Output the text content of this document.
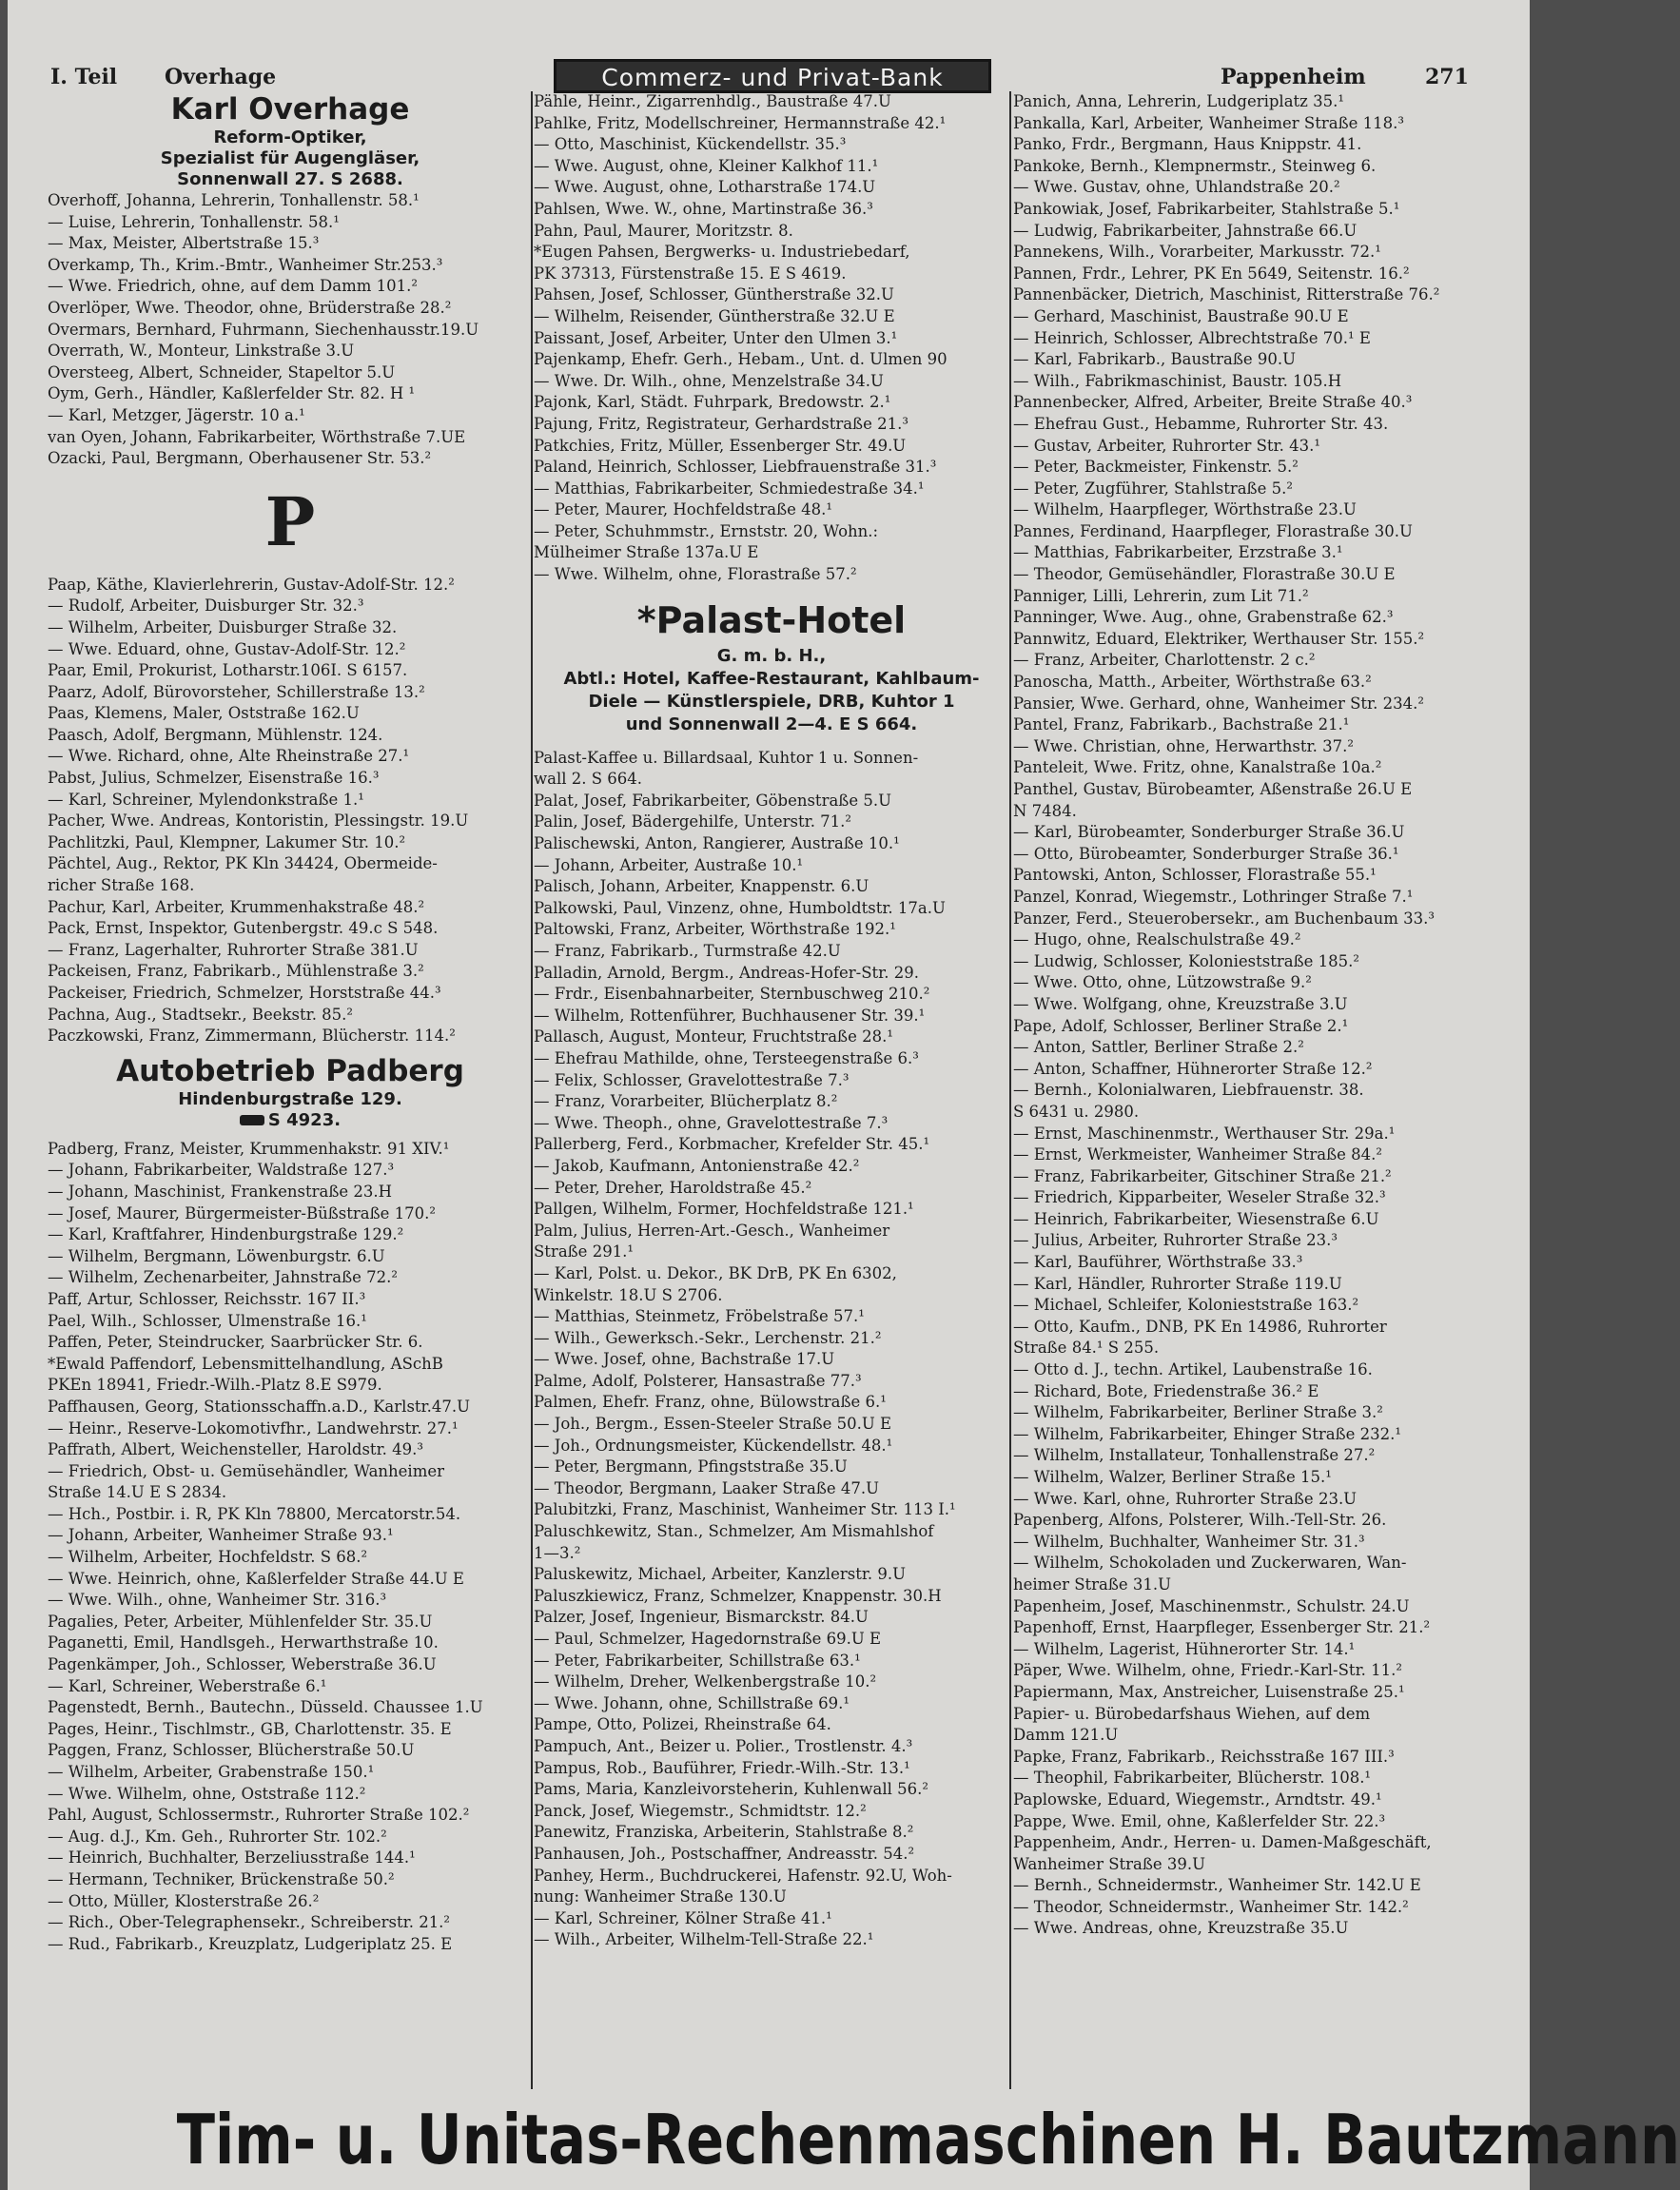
I. Teil Overhage	Commerz- und Privat-Bank	Pappenheim	271
Karl Overhage
Reform-Optiker,
Spezialist für Augengläser,
Sonnenwall 27. S 2688.
Overhoff, Johanna, Lehrerin, Tonhallenstr. 58.¹
— Luise, Lehrerin, Tonhallenstr. 58.¹
— Max, Meister, Albertstraße 15.³
Overkamp, Th., Krim.-Bmtr., Wanheimer Str.253.³
— Wwe. Friedrich, ohne, auf dem Damm 101.²
Overlöper, Wwe. Theodor, ohne, Brüderstraße 28.²
Overmars, Bernhard, Fuhrmann, Siechenhausstr.19.U
Overrath, W., Monteur, Linkstraße 3.U
Oversteeg, Albert, Schneider, Stapeltor 5.U
Oym, Gerh., Händler, Kaßlerfelder Str. 82. H ¹
— Karl, Metzger, Jägerstr. 10 a.¹
van Oyen, Johann, Fabrikarbeiter, Wörthstraße 7.UE
Ozacki, Paul, Bergmann, Oberhausener Str. 53.²
P
Paap, Käthe, Klavierlehrerin, Gustav-Adolf-Str. 12.²
— Rudolf, Arbeiter, Duisburger Str. 32.³
— Wilhelm, Arbeiter, Duisburger Straße 32.
— Wwe. Eduard, ohne, Gustav-Adolf-Str. 12.²
Paar, Emil, Prokurist, Lotharstr.106I. S 6157.
Paarz, Adolf, Bürovorsteher, Schillerstraße 13.²
Paas, Klemens, Maler, Oststraße 162.U
Paasch, Adolf, Bergmann, Mühlenstr. 124.
— Wwe. Richard, ohne, Alte Rheinstraße 27.¹
Pabst, Julius, Schmelzer, Eisenstraße 16.³
— Karl, Schreiner, Mylendonkstraße 1.¹
Pacher, Wwe. Andreas, Kontoristin, Plessingstr. 19.U
Pachlitzki, Paul, Klempner, Lakumer Str. 10.²
Pächtel, Aug., Rektor, PK Kln 34424, Obermeide-
richer Straße 168.
Pachur, Karl, Arbeiter, Krummenhakstraße 48.²
Pack, Ernst, Inspektor, Gutenbergstr. 49.c S 548.
— Franz, Lagerhalter, Ruhrorter Straße 381.U
Packeisen, Franz, Fabrikarb., Mühlenstraße 3.²
Packeiser, Friedrich, Schmelzer, Horststraße 44.³
Pachna, Aug., Stadtsekr., Beekstr. 85.²
Paczkowski, Franz, Zimmermann, Blücherstr. 114.²
Autobetrieb Padberg
Hindenburgstraße 129.
S 4923.
Padberg, Franz, Meister, Krummenhakstr. 91 XIV.¹
— Johann, Fabrikarbeiter, Waldstraße 127.³
— Johann, Maschinist, Frankenstraße 23.H
— Josef, Maurer, Bürgermeister-Büßstraße 170.²
— Karl, Kraftfahrer, Hindenburgstraße 129.²
— Wilhelm, Bergmann, Löwenburgstr. 6.U
— Wilhelm, Zechenarbeiter, Jahnstraße 72.²
Paff, Artur, Schlosser, Reichsstr. 167 II.³
Pael, Wilh., Schlosser, Ulmenstraße 16.¹
Paffen, Peter, Steindrucker, Saarbrücker Str. 6.
*Ewald Paffendorf, Lebensmittelhandlung, ASchB
PKEn 18941, Friedr.-Wilh.-Platz 8.E S979.
Paffhausen, Georg, Stationsschaffn.a.D., Karlstr.47.U
— Heinr., Reserve-Lokomotivfhr., Landwehrstr. 27.¹
Paffrath, Albert, Weichensteller, Haroldstr. 49.³
— Friedrich, Obst- u. Gemüsehändler, Wanheimer
Straße 14.U E S 2834.
— Hch., Postbir. i. R, PK Kln 78800, Mercatorstr.54.
— Johann, Arbeiter, Wanheimer Straße 93.¹
— Wilhelm, Arbeiter, Hochfeldstr. S 68.²
— Wwe. Heinrich, ohne, Kaßlerfelder Straße 44.U E
— Wwe. Wilh., ohne, Wanheimer Str. 316.³
Pagalies, Peter, Arbeiter, Mühlenfelder Str. 35.U
Paganetti, Emil, Handlsgeh., Herwarthstraße 10.
Pagenkämper, Joh., Schlosser, Weberstraße 36.U
— Karl, Schreiner, Weberstraße 6.¹
Pagenstedt, Bernh., Bautechn., Düsseld. Chaussee 1.U
Pages, Heinr., Tischlmstr., GB, Charlottenstr. 35. E
Paggen, Franz, Schlosser, Blücherstraße 50.U
— Wilhelm, Arbeiter, Grabenstraße 150.¹
— Wwe. Wilhelm, ohne, Oststraße 112.²
Pahl, August, Schlossermstr., Ruhrorter Straße 102.²
— Aug. d.J., Km. Geh., Ruhrorter Str. 102.²
— Heinrich, Buchhalter, Berzeliusstraße 144.¹
— Hermann, Techniker, Brückenstraße 50.²
— Otto, Müller, Klosterstraße 26.²
— Rich., Ober-Telegraphensekr., Schreiberstr. 21.²
— Rud., Fabrikarb., Kreuzplatz, Ludgeriplatz 25. E
Pähle, Heinr., Zigarrenhdlg., Baustraße 47.U
Pahlke, Fritz, Modellschreiner, Hermannstraße 42.¹
— Otto, Maschinist, Kückendellstr. 35.³
— Wwe. August, ohne, Kleiner Kalkhof 11.¹
— Wwe. August, ohne, Lotharstraße 174.U
Pahlsen, Wwe. W., ohne, Martinstraße 36.³
Pahn, Paul, Maurer, Moritzstr. 8.
*Eugen Pahsen, Bergwerks- u. Industriebedarf,
PK 37313, Fürstenstraße 15. E S 4619.
Pahsen, Josef, Schlosser, Güntherstraße 32.U
— Wilhelm, Reisender, Güntherstraße 32.U E
Paissant, Josef, Arbeiter, Unter den Ulmen 3.¹
Pajenkamp, Ehefr. Gerh., Hebam., Unt. d. Ulmen 90
— Wwe. Dr. Wilh., ohne, Menzelstraße 34.U
Pajonk, Karl, Städt. Fuhrpark, Bredowstr. 2.¹
Pajung, Fritz, Registrateur, Gerhardstraße 21.³
Patkchies, Fritz, Müller, Essenberger Str. 49.U
Paland, Heinrich, Schlosser, Liebfrauenstraße 31.³
— Matthias, Fabrikarbeiter, Schmiedestraße 34.¹
— Peter, Maurer, Hochfeldstraße 48.¹
— Peter, Schuhmmstr., Ernststr. 20, Wohn.:
Mülheimer Straße 137a.U E
— Wwe. Wilhelm, ohne, Florastraße 57.²
*Palast-Hotel
G. m. b. H.,
Abtl.: Hotel, Kaffee-Restaurant, Kahlbaum-
Diele — Künstlerspiele, DRB, Kuhtor 1
und Sonnenwall 2—4. E S 664.
Palast-Kaffee u. Billardsaal, Kuhtor 1 u. Sonnen-
wall 2. S 664.
Palat, Josef, Fabrikarbeiter, Göbenstraße 5.U
Palin, Josef, Bädergehilfe, Unterstr. 71.²
Palischewski, Anton, Rangierer, Austraße 10.¹
— Johann, Arbeiter, Austraße 10.¹
Palisch, Johann, Arbeiter, Knappenstr. 6.U
Palkowski, Paul, Vinzenz, ohne, Humboldtstr. 17a.U
Paltowski, Franz, Arbeiter, Wörthstraße 192.¹
— Franz, Fabrikarb., Turmstraße 42.U
Palladin, Arnold, Bergm., Andreas-Hofer-Str. 29.
— Frdr., Eisenbahnarbeiter, Sternbuschweg 210.²
— Wilhelm, Rottenführer, Buchhausener Str. 39.¹
Pallasch, August, Monteur, Fruchtstraße 28.¹
— Ehefrau Mathilde, ohne, Tersteegenstraße 6.³
— Felix, Schlosser, Gravelottestraße 7.³
— Franz, Vorarbeiter, Blücherplatz 8.²
— Wwe. Theoph., ohne, Gravelottestraße 7.³
Pallerberg, Ferd., Korbmacher, Krefelder Str. 45.¹
— Jakob, Kaufmann, Antonienstraße 42.²
— Peter, Dreher, Haroldstraße 45.²
Pallgen, Wilhelm, Former, Hochfeldstraße 121.¹
Palm, Julius, Herren-Art.-Gesch., Wanheimer
Straße 291.¹
— Karl, Polst. u. Dekor., BK DrB, PK En 6302,
Winkelstr. 18.U S 2706.
— Matthias, Steinmetz, Fröbelstraße 57.¹
— Wilh., Gewerksch.-Sekr., Lerchenstr. 21.²
— Wwe. Josef, ohne, Bachstraße 17.U
Palme, Adolf, Polsterer, Hansastraße 77.³
Palmen, Ehefr. Franz, ohne, Bülowstraße 6.¹
— Joh., Bergm., Essen-Steeler Straße 50.U E
— Joh., Ordnungsmeister, Kückendellstr. 48.¹
— Peter, Bergmann, Pfingststraße 35.U
— Theodor, Bergmann, Laaker Straße 47.U
Palubitzki, Franz, Maschinist, Wanheimer Str. 113 I.¹
Paluschkewitz, Stan., Schmelzer, Am Mismahlshof
1—3.²
Paluskewitz, Michael, Arbeiter, Kanzlerstr. 9.U
Paluszkiewicz, Franz, Schmelzer, Knappenstr. 30.H
Palzer, Josef, Ingenieur, Bismarckstr. 84.U
— Paul, Schmelzer, Hagedornstraße 69.U E
— Peter, Fabrikarbeiter, Schillstraße 63.¹
— Wilhelm, Dreher, Welkenbergstraße 10.²
— Wwe. Johann, ohne, Schillstraße 69.¹
Pampe, Otto, Polizei, Rheinstraße 64.
Pampuch, Ant., Beizer u. Polier., Trostlenstr. 4.³
Pampus, Rob., Bauführer, Friedr.-Wilh.-Str. 13.¹
Pams, Maria, Kanzleivorsteherin, Kuhlenwall 56.²
Panck, Josef, Wiegemstr., Schmidtstr. 12.²
Panewitz, Franziska, Arbeiterin, Stahlstraße 8.²
Panhausen, Joh., Postschaffner, Andreasstr. 54.²
Panhey, Herm., Buchdruckerei, Hafenstr. 92.U, Woh-
nung: Wanheimer Straße 130.U
— Karl, Schreiner, Kölner Straße 41.¹
— Wilh., Arbeiter, Wilhelm-Tell-Straße 22.¹
Panich, Anna, Lehrerin, Ludgeriplatz 35.¹
Pankalla, Karl, Arbeiter, Wanheimer Straße 118.³
Panko, Frdr., Bergmann, Haus Knippstr. 41.
Pankoke, Bernh., Klempnermstr., Steinweg 6.
— Wwe. Gustav, ohne, Uhlandstraße 20.²
Pankowiak, Josef, Fabrikarbeiter, Stahlstraße 5.¹
— Ludwig, Fabrikarbeiter, Jahnstraße 66.U
Pannekens, Wilh., Vorarbeiter, Markusstr. 72.¹
Pannen, Frdr., Lehrer, PK En 5649, Seitenstr. 16.²
Pannenbäcker, Dietrich, Maschinist, Ritterstraße 76.²
— Gerhard, Maschinist, Baustraße 90.U E
— Heinrich, Schlosser, Albrechtstraße 70.¹ E
— Karl, Fabrikarb., Baustraße 90.U
— Wilh., Fabrikmaschinist, Baustr. 105.H
Pannenbecker, Alfred, Arbeiter, Breite Straße 40.³
— Ehefrau Gust., Hebamme, Ruhrorter Str. 43.
— Gustav, Arbeiter, Ruhrorter Str. 43.¹
— Peter, Backmeister, Finkenstr. 5.²
— Peter, Zugführer, Stahlstraße 5.²
— Wilhelm, Haarpfleger, Wörthstraße 23.U
Pannes, Ferdinand, Haarpfleger, Florastraße 30.U
— Matthias, Fabrikarbeiter, Erzstraße 3.¹
— Theodor, Gemüsehändler, Florastraße 30.U E
Panniger, Lilli, Lehrerin, zum Lit 71.²
Panninger, Wwe. Aug., ohne, Grabenstraße 62.³
Pannwitz, Eduard, Elektriker, Werthauser Str. 155.²
— Franz, Arbeiter, Charlottenstr. 2 c.²
Panoscha, Matth., Arbeiter, Wörthstraße 63.²
Pansier, Wwe. Gerhard, ohne, Wanheimer Str. 234.²
Pantel, Franz, Fabrikarb., Bachstraße 21.¹
— Wwe. Christian, ohne, Herwarthstr. 37.²
Panteleit, Wwe. Fritz, ohne, Kanalstraße 10a.²
Panthel, Gustav, Bürobeamter, Aßenstraße 26.U E
N 7484.
— Karl, Bürobeamter, Sonderburger Straße 36.U
— Otto, Bürobeamter, Sonderburger Straße 36.¹
Pantowski, Anton, Schlosser, Florastraße 55.¹
Panzel, Konrad, Wiegemstr., Lothringer Straße 7.¹
Panzer, Ferd., Steuerobersekr., am Buchenbaum 33.³
— Hugo, ohne, Realschulstraße 49.²
— Ludwig, Schlosser, Kolonieststraße 185.²
— Wwe. Otto, ohne, Lützowstraße 9.²
— Wwe. Wolfgang, ohne, Kreuzstraße 3.U
Pape, Adolf, Schlosser, Berliner Straße 2.¹
— Anton, Sattler, Berliner Straße 2.²
— Anton, Schaffner, Hühnerorter Straße 12.²
— Bernh., Kolonialwaren, Liebfrauenstr. 38.
S 6431 u. 2980.
— Ernst, Maschinenmstr., Werthauser Str. 29a.¹
— Ernst, Werkmeister, Wanheimer Straße 84.²
— Franz, Fabrikarbeiter, Gitschiner Straße 21.²
— Friedrich, Kipparbeiter, Weseler Straße 32.³
— Heinrich, Fabrikarbeiter, Wiesenstraße 6.U
— Julius, Arbeiter, Ruhrorter Straße 23.³
— Karl, Bauführer, Wörthstraße 33.³
— Karl, Händler, Ruhrorter Straße 119.U
— Michael, Schleifer, Kolonieststraße 163.²
— Otto, Kaufm., DNB, PK En 14986, Ruhrorter
Straße 84.¹ S 255.
— Otto d. J., techn. Artikel, Laubenstraße 16.
— Richard, Bote, Friedenstraße 36.² E
— Wilhelm, Fabrikarbeiter, Berliner Straße 3.²
— Wilhelm, Fabrikarbeiter, Ehinger Straße 232.¹
— Wilhelm, Installateur, Tonhallenstraße 27.²
— Wilhelm, Walzer, Berliner Straße 15.¹
— Wwe. Karl, ohne, Ruhrorter Straße 23.U
Papenberg, Alfons, Polsterer, Wilh.-Tell-Str. 26.
— Wilhelm, Buchhalter, Wanheimer Str. 31.³
— Wilhelm, Schokoladen und Zuckerwaren, Wan-
heimer Straße 31.U
Papenheim, Josef, Maschinenmstr., Schulstr. 24.U
Papenhoff, Ernst, Haarpfleger, Essenberger Str. 21.²
— Wilhelm, Lagerist, Hühnerorter Str. 14.¹
Päper, Wwe. Wilhelm, ohne, Friedr.-Karl-Str. 11.²
Papiermann, Max, Anstreicher, Luisenstraße 25.¹
Papier- u. Bürobedarfshaus Wiehen, auf dem
Damm 121.U
Papke, Franz, Fabrikarb., Reichsstraße 167 III.³
— Theophil, Fabrikarbeiter, Blücherstr. 108.¹
Paplowske, Eduard, Wiegemstr., Arndtstr. 49.¹
Pappe, Wwe. Emil, ohne, Kaßlerfelder Str. 22.³
Pappenheim, Andr., Herren- u. Damen-Maßgeschäft,
Wanheimer Straße 39.U
— Bernh., Schneidermstr., Wanheimer Str. 142.U E
— Theodor, Schneidermstr., Wanheimer Str. 142.²
— Wwe. Andreas, ohne, Kreuzstraße 35.U
Tim- u. Unitas-Rechenmaschinen H. Bautzmann
